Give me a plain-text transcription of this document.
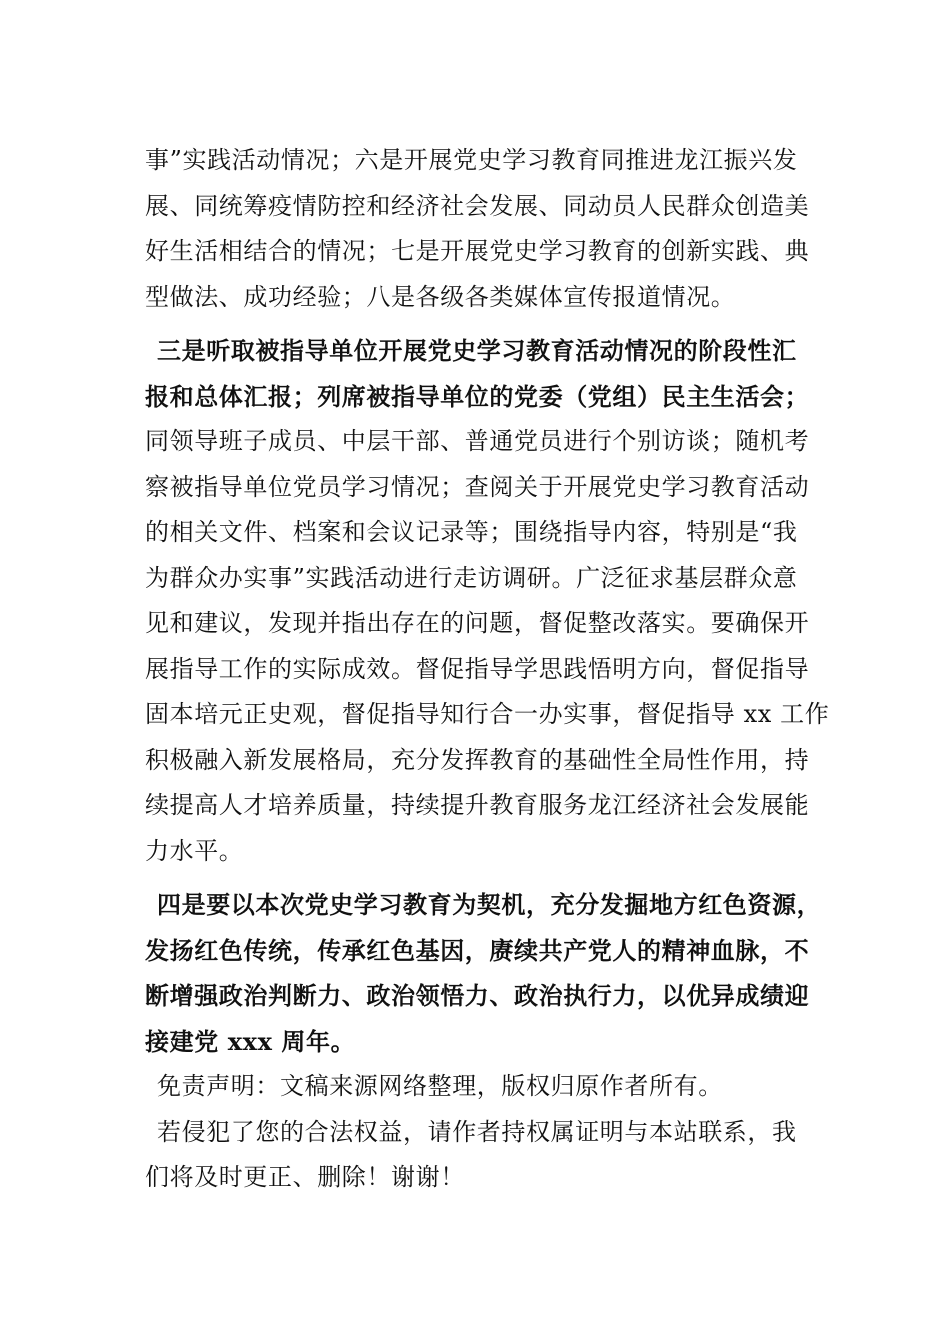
事”实践活动情况；六是开展党史学习教育同推进龙江振兴发
展、同统筹疫情防控和经济社会发展、同动员人民群众创造美
好生活相结合的情况；七是开展党史学习教育的创新实践、典
型做法、成功经验；八是各级各类媒体宣传报道情况。

三是听取被指导单位开展党史学习教育活动情况的阶段性汇
报和总体汇报；列席被指导单位的党委（党组）民主生活会；
同领导班子成员、中层干部、普通党员进行个别访谈；随机考
察被指导单位党员学习情况；查阅关于开展党史学习教育活动
的相关文件、档案和会议记录等；围绕指导内容，特别是“我
为群众办实事”实践活动进行走访调研。广泛征求基层群众意
见和建议，发现并指出存在的问题，督促整改落实。要确保开
展指导工作的实际成效。督促指导学思践悟明方向，督促指导
固本培元正史观，督促指导知行合一办实事，督促指导 xx 工作
积极融入新发展格局，充分发挥教育的基础性全局性作用，持
续提高人才培养质量，持续提升教育服务龙江经济社会发展能
力水平。

四是要以本次党史学习教育为契机，充分发掘地方红色资源，
发扬红色传统，传承红色基因，赓续共产党人的精神血脉，不
断增强政治判断力、政治领悟力、政治执行力，以优异成绩迎
接建党 xxx 周年。

免责声明：文稿来源网络整理，版权归原作者所有。

若侵犯了您的合法权益，请作者持权属证明与本站联系，我
们将及时更正、删除！谢谢！
